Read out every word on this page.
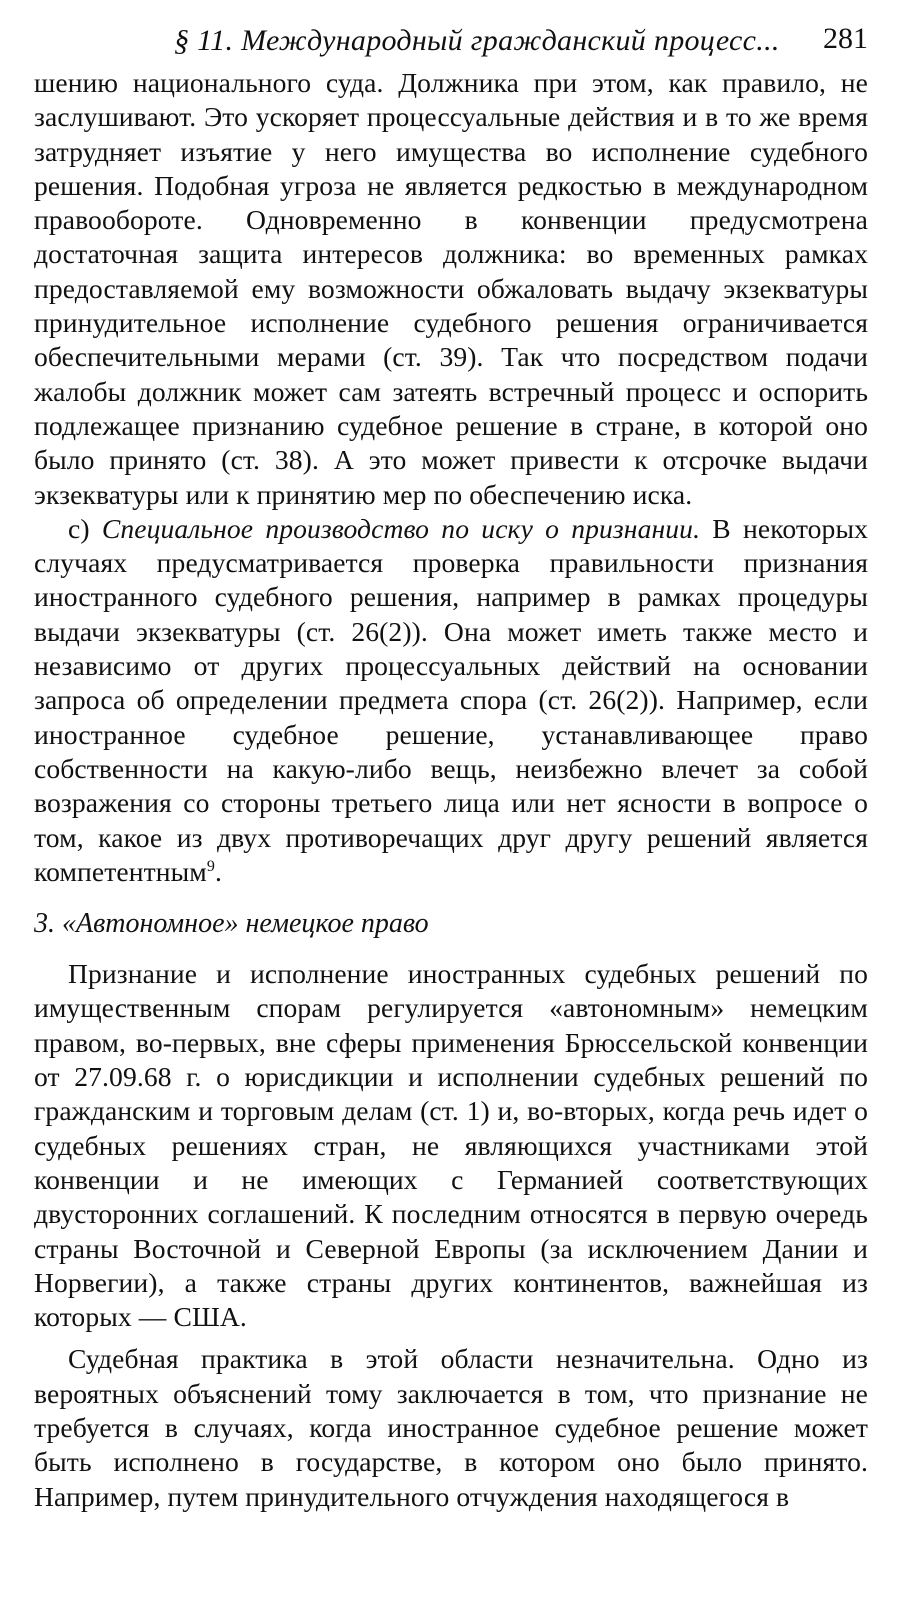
§ 11. Международный гражданский процесс... 281

шению национального суда. Должника при этом, как правило, не заслушивают. Это ускоряет процессуальные действия и в то же время затрудняет изъятие у него имущества во исполнение судебного решения. Подобная угроза не является редкостью в международном правообороте. Одновременно в конвенции предусмотрена достаточная защита интересов должника: во временных рамках предоставляемой ему возможности обжаловать выдачу экзекватуры принудительное исполнение судебного решения ограничивается обеспечительными мерами (ст. 39). Так что посредством подачи жалобы должник может сам затеять встречный процесс и оспорить подлежащее признанию судебное решение в стране, в которой оно было принято (ст. 38). А это может привести к отсрочке выдачи экзекватуры или к принятию мер по обеспечению иска.

с) Специальное производство по иску о признании. В некоторых случаях предусматривается проверка правильности признания иностранного судебного решения, например в рамках процедуры выдачи экзекватуры (ст. 26(2)). Она может иметь также место и независимо от других процессуальных действий на основании запроса об определении предмета спора (ст. 26(2)). Например, если иностранное судебное решение, устанавливающее право собственности на какую-либо вещь, неизбежно влечет за собой возражения со стороны третьего лица или нет ясности в вопросе о том, какое из двух противоречащих друг другу решений является компетентным$^9$.

3. «Автономное» немецкое право

Признание и исполнение иностранных судебных решений по имущественным спорам регулируется «автономным» немецким правом, во-первых, вне сферы применения Брюссельской конвенции от 27.09.68 г. о юрисдикции и исполнении судебных решений по гражданским и торговым делам (ст. 1) и, во-вторых, когда речь идет о судебных решениях стран, не являющихся участниками этой конвенции и не имеющих с Германией соответствующих двусторонних соглашений. К последним относятся в первую очередь страны Восточной и Северной Европы (за исключением Дании и Норвегии), а также страны других континентов, важнейшая из которых — США.

Судебная практика в этой области незначительна. Одно из вероятных объяснений тому заключается в том, что признание не требуется в случаях, когда иностранное судебное решение может быть исполнено в государстве, в котором оно было принято. Например, путем принудительного отчуждения находящегося в
